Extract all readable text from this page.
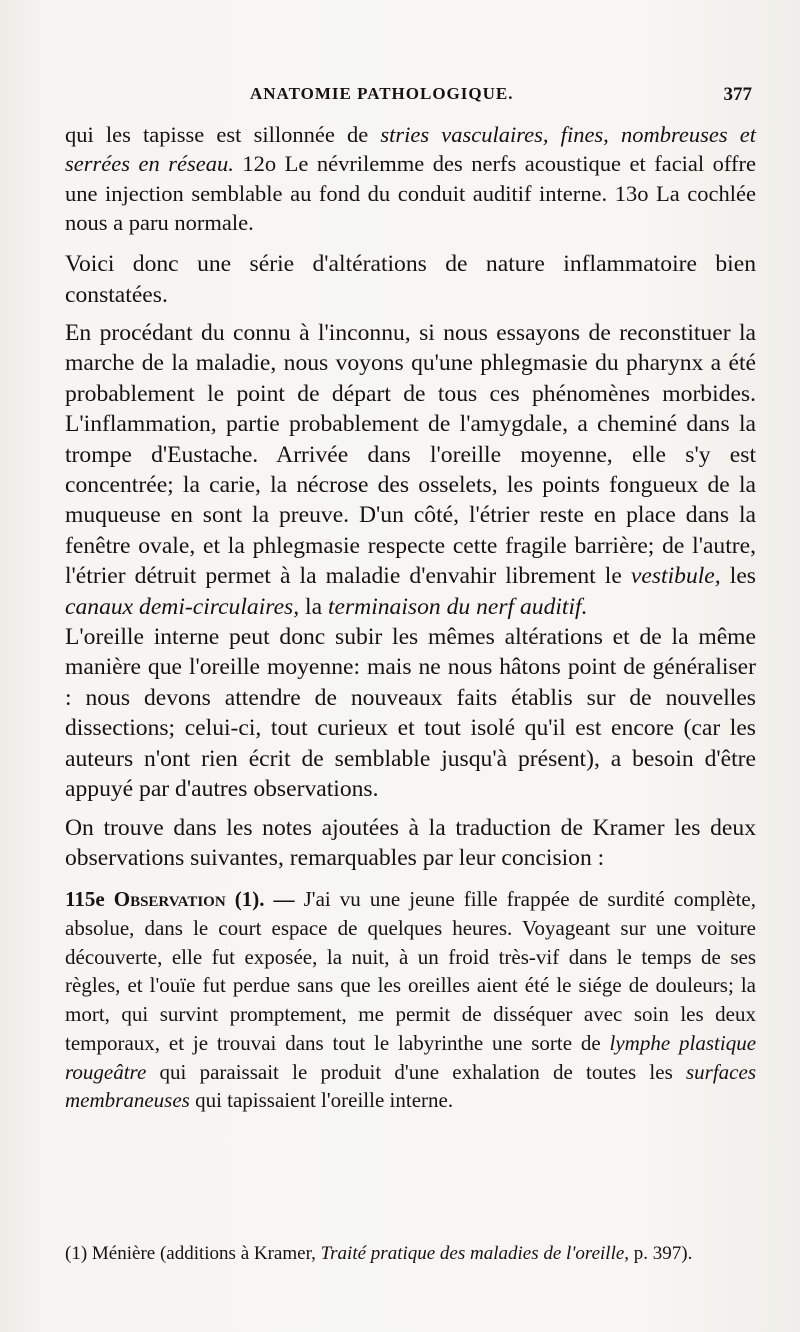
ANATOMIE PATHOLOGIQUE.	377

qui les tapisse est sillonnée de stries vasculaires, fines, nombreuses et serrées en réseau. 12o Le névrilemme des nerfs acoustique et facial offre une injection semblable au fond du conduit auditif interne. 13o La cochlée nous a paru normale.

Voici donc une série d'altérations de nature inflammatoire bien constatées.

En procédant du connu à l'inconnu, si nous essayons de reconstituer la marche de la maladie, nous voyons qu'une phlegmasie du pharynx a été probablement le point de départ de tous ces phénomènes morbides. L'inflammation, partie probablement de l'amygdale, a cheminé dans la trompe d'Eustache. Arrivée dans l'oreille moyenne, elle s'y est concentrée; la carie, la nécrose des osselets, les points fongueux de la muqueuse en sont la preuve. D'un côté, l'étrier reste en place dans la fenêtre ovale, et la phlegmasie respecte cette fragile barrière; de l'autre, l'étrier détruit permet à la maladie d'envahir librement le vestibule, les canaux demi-circulaires, la terminaison du nerf auditif.

L'oreille interne peut donc subir les mêmes altérations et de la même manière que l'oreille moyenne: mais ne nous hâtons point de généraliser : nous devons attendre de nouveaux faits établis sur de nouvelles dissections; celui-ci, tout curieux et tout isolé qu'il est encore (car les auteurs n'ont rien écrit de semblable jusqu'à présent), a besoin d'être appuyé par d'autres observations.

On trouve dans les notes ajoutées à la traduction de Kramer les deux observations suivantes, remarquables par leur concision :

115e Observation (1). — J'ai vu une jeune fille frappée de surdité complète, absolue, dans le court espace de quelques heures. Voyageant sur une voiture découverte, elle fut exposée, la nuit, à un froid très-vif dans le temps de ses règles, et l'ouïe fut perdue sans que les oreilles aient été le siége de douleurs; la mort, qui survint promptement, me permit de disséquer avec soin les deux temporaux, et je trouvai dans tout le labyrinthe une sorte de lymphe plastique rougeâtre qui paraissait le produit d'une exhalation de toutes les surfaces membraneuses qui tapissaient l'oreille interne.

(1) Ménière (additions à Kramer, Traité pratique des maladies de l'oreille, p. 397).
